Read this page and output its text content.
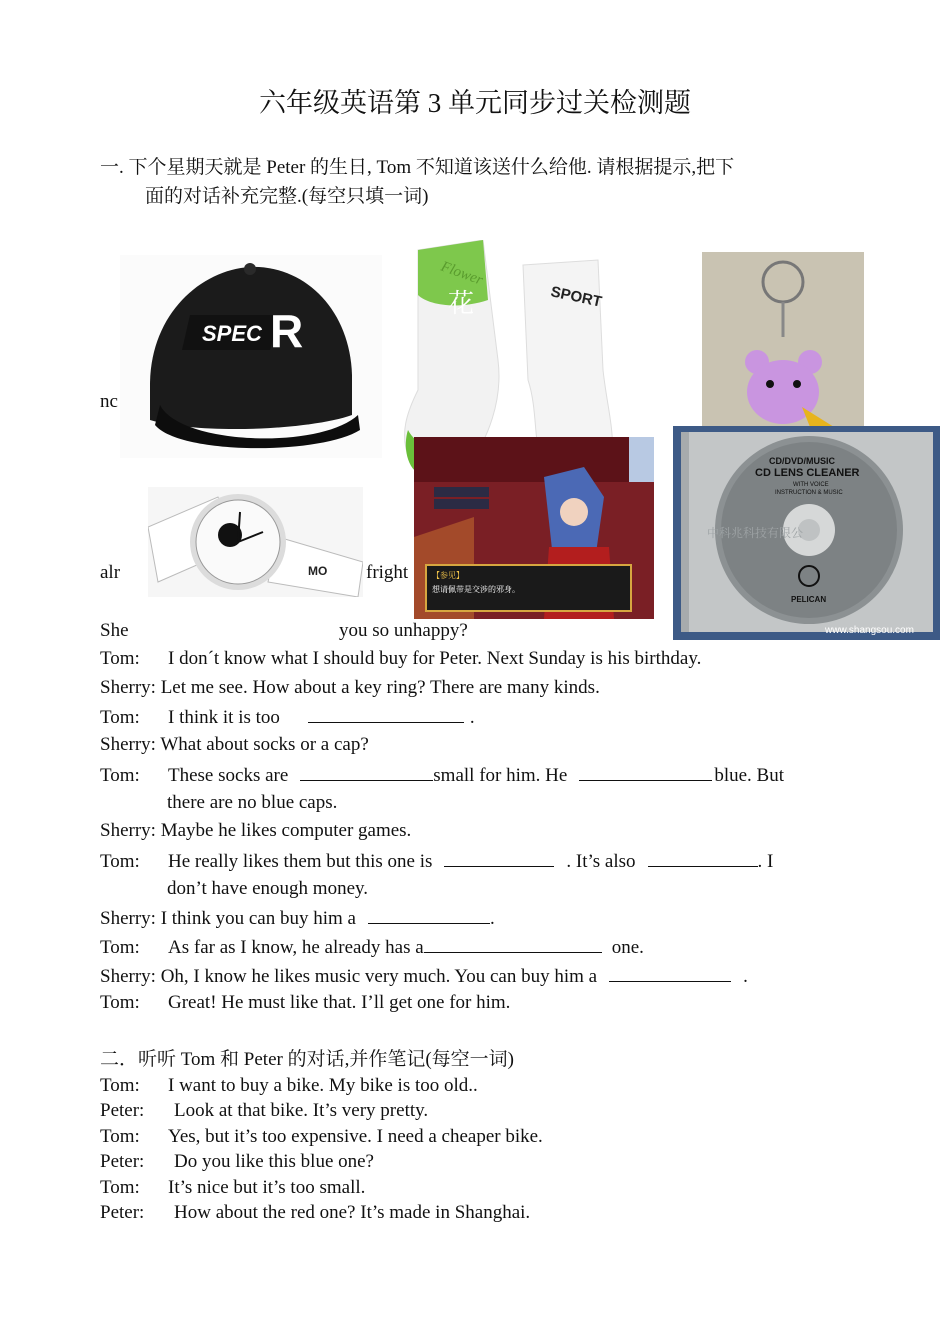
六年级英语第 3 单元同步过关检测题
一. 下个星期天就是 Peter 的生日, Tom 不知道该送什么给他. 请根据提示,把下
面的对话补充完整.(每空只填一词)
nc
alr	fright
She	you so unhappy?
SPEC R
Flower
花	SPORT
CD/DVD/MUSIC
CD LENS CLEANER
WITH VOICE
INSTRUCTION & MUSIC
中科兆科技有限公
PELICAN
www.shangsou.com
MO	【参见】
想请佩带是交涉的邪身。
Tom: I don´t know what I should buy for Peter. Next Sunday is his birthday.
Sherry: Let me see. How about a key ring? There are many kinds.
Tom: I think it is too	.
Sherry: What about socks or a cap?
Tom: These socks are	small for him. He	blue. But
there are no blue caps.
Sherry: Maybe he likes computer games.
Tom: He really likes them but this one is	. It’s also	. I
don’t have enough money.
Sherry: I think you can buy him a	.
Tom: As far as I know, he already has a	one.
Sherry: Oh, I know he likes music very much. You can buy him a	.
Tom: Great! He must like that. I’ll get one for him.
二．听听 Tom 和 Peter 的对话,并作笔记(每空一词)
Tom: I want to buy a bike. My bike is too old..
Peter: Look at that bike. It’s very pretty.
Tom: Yes, but it’s too expensive. I need a cheaper bike.
Peter: Do you like this blue one?
Tom: It’s nice but it’s too small.
Peter: How about the red one? It’s made in Shanghai.
